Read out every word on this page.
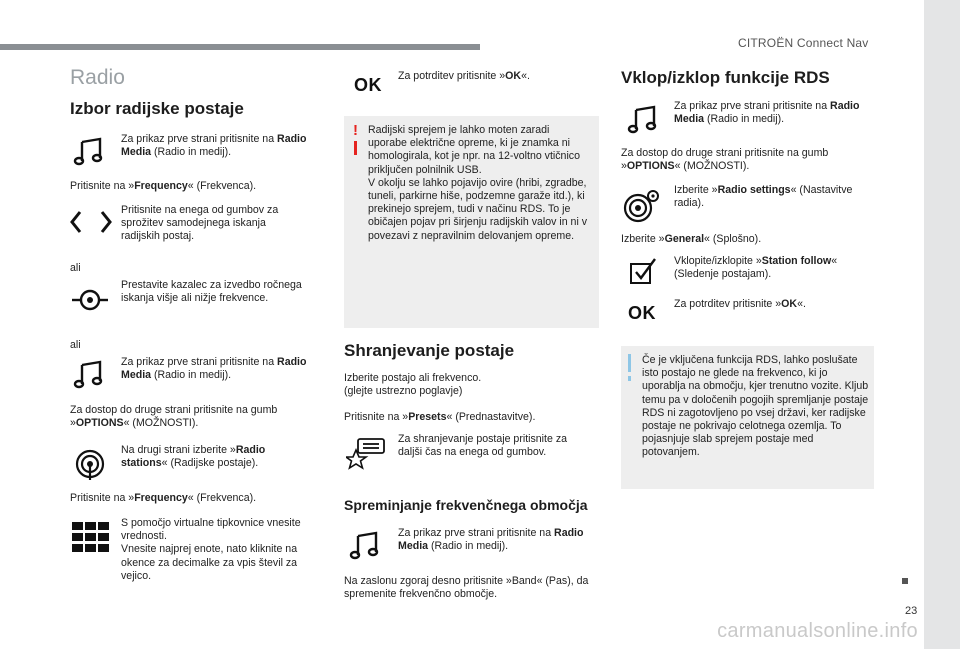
CITROËN Connect Nav
23
carmanualsonline.info
Radio
Izbor radijske postaje
Za prikaz prve strani pritisnite na Radio Media (Radio in medij).
Pritisnite na »Frequency« (Frekvenca).
Pritisnite na enega od gumbov za sprožitev samodejnega iskanja radijskih postaj.
ali
Prestavite kazalec za izvedbo ročnega iskanja višje ali nižje frekvence.
ali
Za prikaz prve strani pritisnite na Radio Media (Radio in medij).
Za dostop do druge strani pritisnite na gumb »OPTIONS« (MOŽNOSTI).
Na drugi strani izberite »Radio stations« (Radijske postaje).
Pritisnite na »Frequency« (Frekvenca).
S pomočjo virtualne tipkovnice vnesite vrednosti.
Vnesite najprej enote, nato kliknite na okence za decimalke za vpis števil za vejico.
OK Za potrditev pritisnite »OK«.
! Radijski sprejem je lahko moten zaradi uporabe električne opreme, ki je znamka ni homologirala, kot je npr. na 12-voltno vtičnico priključen polnilnik USB.
V okolju se lahko pojavijo ovire (hribi, zgradbe, tuneli, parkirne hiše, podzemne garaže itd.), ki prekinejo sprejem, tudi v načinu RDS. To je običajen pojav pri širjenju radijskih valov in ni v povezavi z nepravilnim delovanjem opreme.
Shranjevanje postaje
Izberite postajo ali frekvenco.
(glejte ustrezno poglavje)
Pritisnite na »Presets« (Prednastavitve).
Za shranjevanje postaje pritisnite za daljši čas na enega od gumbov.
Spreminjanje frekvenčnega območja
Za prikaz prve strani pritisnite na Radio Media (Radio in medij).
Na zaslonu zgoraj desno pritisnite »Band« (Pas), da spremenite frekvenčno območje.
Vklop/izklop funkcije RDS
Za prikaz prve strani pritisnite na Radio Media (Radio in medij).
Za dostop do druge strani pritisnite na gumb »OPTIONS« (MOŽNOSTI).
Izberite »Radio settings« (Nastavitve radia).
Izberite »General« (Splošno).
Vklopite/izklopite »Station follow« (Sledenje postajam).
OK Za potrditev pritisnite »OK«.
Če je vključena funkcija RDS, lahko poslušate isto postajo ne glede na frekvenco, ki jo uporablja na območju, kjer trenutno vozite. Kljub temu pa v določenih pogojih spremljanje postaje RDS ni zagotovljeno po vsej državi, ker radijske postaje ne pokrivajo celotnega ozemlja. To pojasnjuje slab sprejem postaje med potovanjem.
